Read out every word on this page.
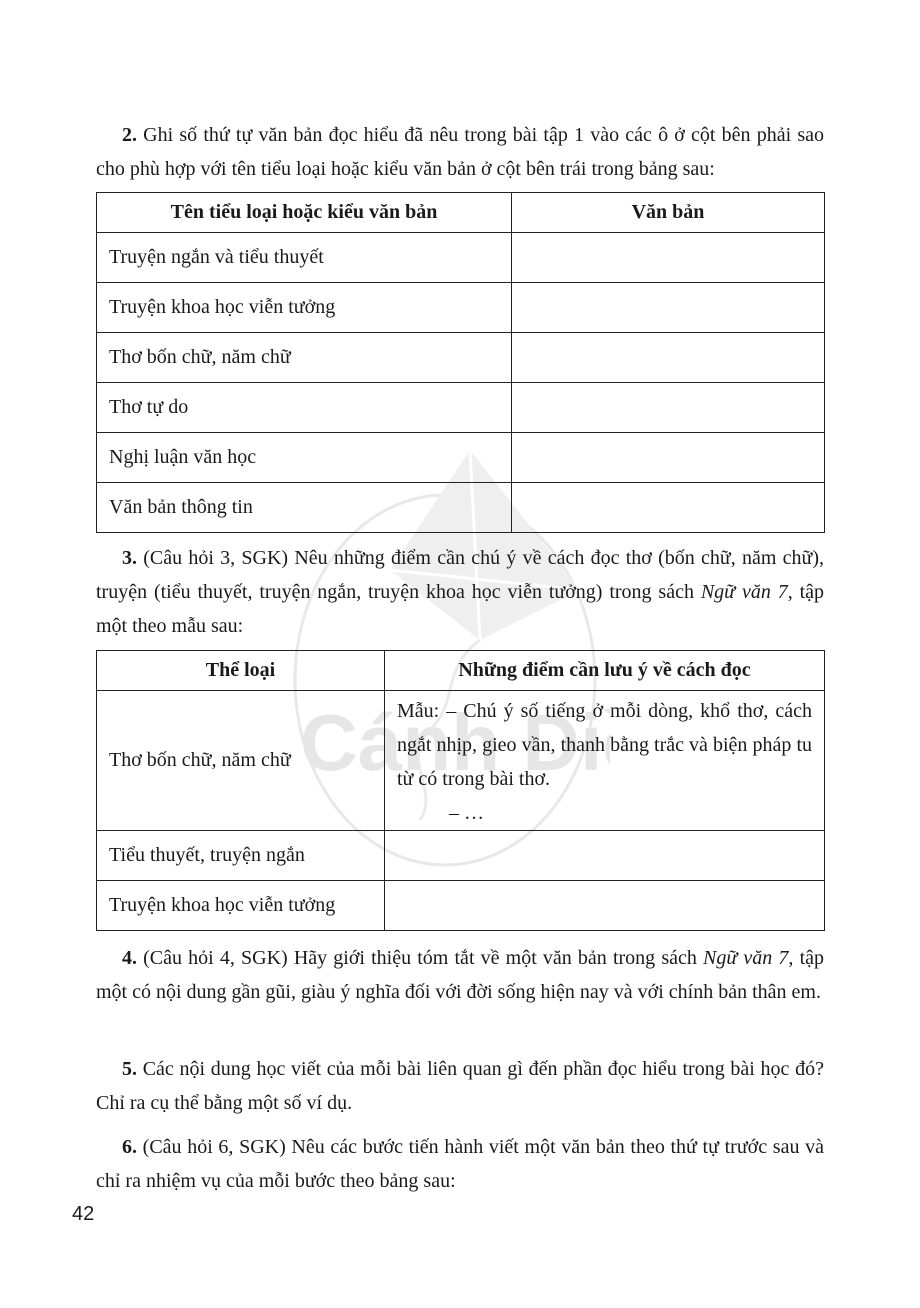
Cánh Di

2. Ghi số thứ tự văn bản đọc hiểu đã nêu trong bài tập 1 vào các ô ở cột bên phải sao cho phù hợp với tên tiểu loại hoặc kiểu văn bản ở cột bên trái trong bảng sau:

Tên tiểu loại hoặc kiểu văn bản	Văn bản
Truyện ngắn và tiểu thuyết	
Truyện khoa học viễn tưởng	
Thơ bốn chữ, năm chữ	
Thơ tự do	
Nghị luận văn học	
Văn bản thông tin	

3. (Câu hỏi 3, SGK) Nêu những điểm cần chú ý về cách đọc thơ (bốn chữ, năm chữ), truyện (tiểu thuyết, truyện ngắn, truyện khoa học viễn tưởng) trong sách Ngữ văn 7, tập một theo mẫu sau:

Thể loại	Những điểm cần lưu ý về cách đọc
Thơ bốn chữ, năm chữ	Mẫu: – Chú ý số tiếng ở mỗi dòng, khổ thơ, cách ngắt nhịp, gieo vần, thanh bằng trắc và biện pháp tu từ có trong bài thơ.
– …

Tiểu thuyết, truyện ngắn	
Truyện khoa học viễn tưởng	

4. (Câu hỏi 4, SGK) Hãy giới thiệu tóm tắt về một văn bản trong sách Ngữ văn 7, tập một có nội dung gần gũi, giàu ý nghĩa đối với đời sống hiện nay và với chính bản thân em.

5. Các nội dung học viết của mỗi bài liên quan gì đến phần đọc hiểu trong bài học đó? Chỉ ra cụ thể bằng một số ví dụ.

6. (Câu hỏi 6, SGK) Nêu các bước tiến hành viết một văn bản theo thứ tự trước sau và chỉ ra nhiệm vụ của mỗi bước theo bảng sau:

42
